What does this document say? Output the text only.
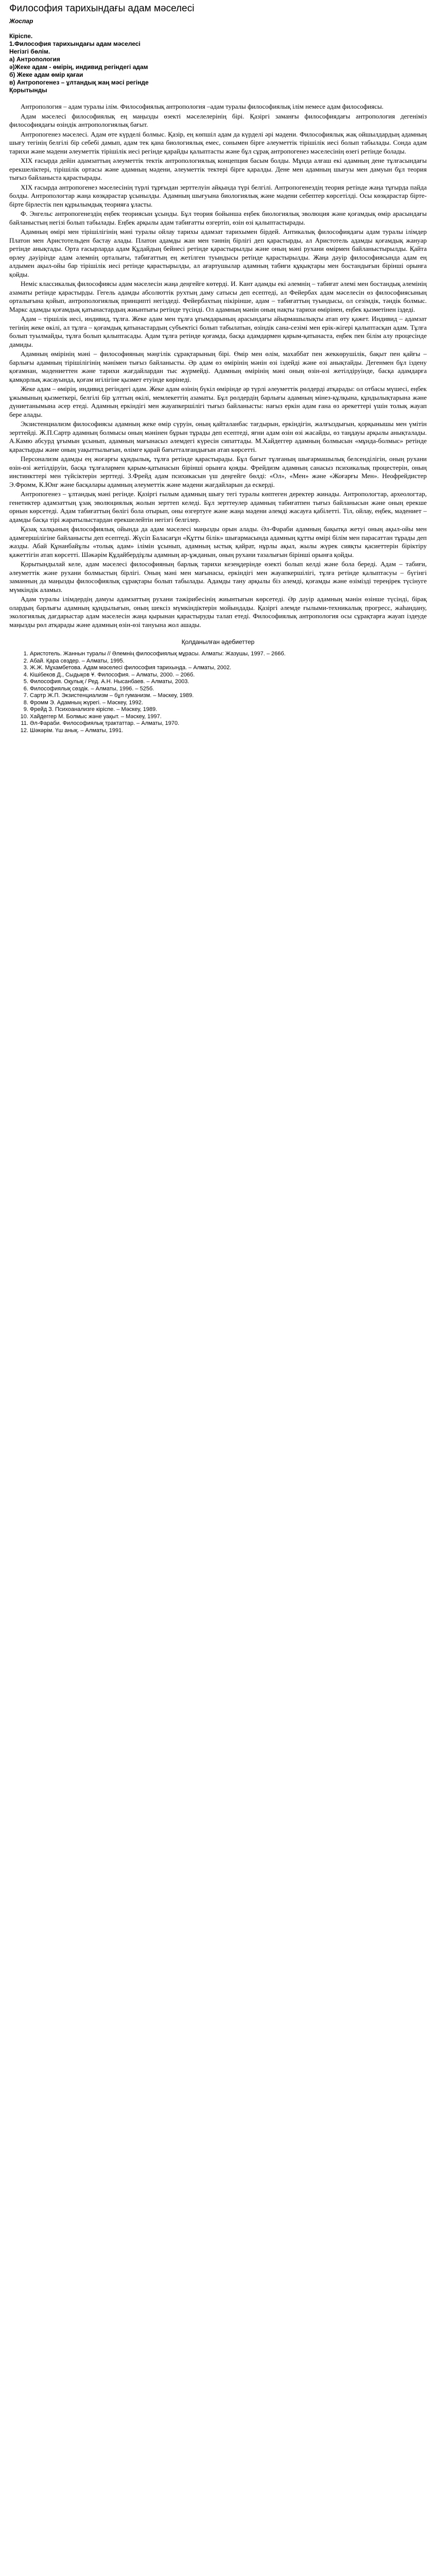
Философия тарихындағы адам мәселесі

Жоспар

Кіріспе.

1.Философия тарихындағы адам мәселесі

Негізгі бөлім.

а) Антропология

ә)Жеке адам - өмірің, индивид регіндегі адам

б) Жеке адам өмір қағаи

в) Антропогенез – ұлтандық жаң мәсі регінде

Қорытынды

Антропология – адам туралы ілім. Философиялық антропология –адам туралы философиялық ілім немесе адам философиясы.

Адам мәселесі философиялық ең маңызды өзекті мәселелерінің бірі. Қазіргі заманғы философиядағы антропология дегеніміз философиядағы өзіндік антропологиялық бағыт.

Антропогенез мәселесі. Адам өте күрделі болмыс. Қазір, ең көпшіл адам да күрделі әрі мәдени. Философиялық жақ ойшылдардың адамның шығу тегінің белгілі бір себебі дамып, адам тек қана биологиялық емес, сонымен бірге әлеуметтік тірішілік иесі болып табылады. Сонда адам тарихи және мәдени әлеуметтік тірішілік иесі регінде қарайды қалыптасты және бұл сұрақ антропогенез мәселесінің өзегі ретінде болады.

XIX ғасырда дейін адамзаттың әлеуметтік тектік антропологиялық концепция басым болды. Мұнда алғаш екі адамның дене тұлғасындағы ерекшеліктері, тірішілік ортасы және адамның мәдени, әлеуметтік тектері бірге қаралды. Дене мен адамның шығуы мен дамуын бұл теория тығыз байланыста қарастырады.

XIX ғасырда антропогенез мәселесінің түрлі тұрғыдан зерттелуін айқында түрі белгілі. Антропогенездің теория ретінде жаңа тұғырда пайда болды. Антропологтар жаңа көзқарастар ұсынылды. Адамның шығуына биологиялық және мәдени себептер көрсетілді. Осы көзқарастар бірте-бірте бірлестік пен құрылымдық теорияға ұласты.

Ф. Энгельс антропогенездің еңбек теориясын ұсынды. Бұл теория бойынша еңбек биологиялық эволюция және қоғамдық өмір арасындағы байланыстың негізі болып табылады. Еңбек арқылы адам табиғатты өзгертіп, өзін өзі қалыптастырады.

Адамның өмірі мен тірішілігінің мәні туралы ойлау тарихы адамзат тарихымен бірдей. Антикалық философиядағы адам туралы ілімдер Платон мен Аристотельден бастау алады. Платон адамды жан мен тәннің бірлігі деп қарастырды, ал Аристотель адамды қоғамдық жануар ретінде анықтады. Орта ғасырларда адам Құдайдың бейнесі ретінде қарастырылды және оның мәні рухани өмірмен байланыстырылды. Қайта өрлеу дәуірінде адам әлемнің орталығы, табиғаттың ең жетілген туындысы ретінде қарастырылды. Жаңа дәуір философиясында адам ең алдымен ақыл-ойы бар тірішілік иесі ретінде қарастырылды, ал ағартушылар адамның табиғи құқықтары мен бостандығын бірінші орынға қойды.

Неміс классикалық философиясы адам мәселесін жаңа деңгейге көтерді. И. Кант адамды екі әлемнің – табиғат әлемі мен бостандық әлемінің азаматы ретінде қарастырды. Гегель адамды абсолюттік рухтың даму сатысы деп есептеді, ал Фейербах адам мәселесін өз философиясының орталығына қойып, антропологиялық принципті негіздеді. Фейербахтың пікірінше, адам – табиғаттың туындысы, ол сезімдік, тәндік болмыс. Маркс адамды қоғамдық қатынастардың жиынтығы ретінде түсінді. Ол адамның мәнін оның нақты тарихи өмірінен, еңбек қызметінен іздеді.

Адам – тіршілік иесі, индивид, тұлға. Жеке адам мен тұлға ұғымдарының арасындағы айырмашылықты атап өту қажет. Индивид – адамзат тегінің жеке өкілі, ал тұлға – қоғамдық қатынастардың субъектісі болып табылатын, өзіндік сана-сезімі мен ерік-жігері қалыптасқан адам. Тұлға болып туылмайды, тұлға болып қалыптасады. Адам тұлға ретінде қоғамда, басқа адамдармен қарым-қатынаста, еңбек пен білім алу процесінде дамиды.

Адамның өмірінің мәні – философияның мәңгілік сұрақтарының бірі. Өмір мен өлім, махаббат пен жеккөрушілік, бақыт пен қайғы – барлығы адамның тірішілігінің мәнімен тығыз байланысты. Әр адам өз өмірінің мәнін өзі іздейді және өзі анықтайды. Дегенмен бұл іздену қоғамнан, мәдениеттен және тарихи жағдайлардан тыс жүрмейді. Адамның өмірінің мәні оның өзін-өзі жетілдіруінде, басқа адамдарға қамқорлық жасауында, қоғам игілігіне қызмет етуінде көрінеді.

Жеке адам – өмірің, индивид регіндегі адам. Жеке адам өзінің бүкіл өмірінде әр түрлі әлеуметтік рөлдерді атқарады: ол отбасы мүшесі, еңбек ұжымының қызметкері, белгілі бір ұлттың өкілі, мемлекеттің азаматы. Бұл рөлдердің барлығы адамның мінез-құлқына, құндылықтарына және дүниетанымына әсер етеді. Адамның еркіндігі мен жауапкершілігі тығыз байланысты: нағыз еркін адам ғана өз әрекеттері үшін толық жауап бере алады.

Экзистенциализм философиясы адамның жеке өмір сүруін, оның қайталанбас тағдырын, еркіндігін, жалғыздығын, қорқынышы мен үмітін зерттейді. Ж.П.Сартр адамның болмысы оның мәнінен бұрын тұрады деп есептеді, яғни адам өзін өзі жасайды, өз таңдауы арқылы анықталады. А.Камю абсурд ұғымын ұсынып, адамның мағынасыз әлемдегі күресін сипаттады. М.Хайдеггер адамның болмысын «мұнда-болмыс» ретінде қарастырды және оның уақыттылығын, өлімге қарай бағытталғандығын атап көрсетті.

Персонализм адамды ең жоғарғы құндылық, тұлға ретінде қарастырады. Бұл бағыт тұлғаның шығармашылық белсенділігін, оның рухани өзін-өзі жетілдіруін, басқа тұлғалармен қарым-қатынасын бірінші орынға қояды. Фрейдизм адамның санасыз психикалық процестерін, оның инстинкттері мен түйсіктерін зерттеді. З.Фрейд адам психикасын үш деңгейге бөлді: «Ол», «Мен» және «Жоғарғы Мен». Неофрейдистер Э.Фромм, К.Юнг және басқалары адамның әлеуметтік және мәдени жағдайларын да ескерді.

Антропогенез – ұлтандық мәні регінде. Қазіргі ғылым адамның шығу тегі туралы көптеген деректер жинады. Антропологтар, археологтар, генетиктер адамзаттың ұзақ эволюциялық жолын зерттеп келеді. Бұл зерттеулер адамның табиғатпен тығыз байланысын және оның ерекше орнын көрсетеді. Адам табиғаттың бөлігі бола отырып, оны өзгертуге және жаңа мәдени әлемді жасауға қабілетті. Тіл, ойлау, еңбек, мәдениет – адамды басқа тірі жаратылыстардан ерекшелейтін негізгі белгілер.

Қазақ халқының философиялық ойында да адам мәселесі маңызды орын алады. Әл-Фараби адамның бақытқа жетуі оның ақыл-ойы мен адамгершілігіне байланысты деп есептеді. Жүсіп Баласағұн «Құтты білік» шығармасында адамның құтты өмірі білім мен парасаттан тұрады деп жазды. Абай Құнанбайұлы «толық адам» ілімін ұсынып, адамның ыстық қайрат, нұрлы ақыл, жылы жүрек сияқты қасиеттерін біріктіру қажеттігін атап көрсетті. Шәкәрім Құдайбердіұлы адамның ар-ұжданын, оның рухани тазалығын бірінші орынға қойды.

Қорытындылай келе, адам мәселесі философияның барлық тарихи кезеңдерінде өзекті болып келді және бола береді. Адам – табиғи, әлеуметтік және рухани болмыстың бірлігі. Оның мәні мен мағынасы, еркіндігі мен жауапкершілігі, тұлға ретінде қалыптасуы – бүгінгі заманның да маңызды философиялық сұрақтары болып табылады. Адамды тану арқылы біз әлемді, қоғамды және өзімізді тереңірек түсінуге мүмкіндік аламыз.

Адам туралы ілімдердің дамуы адамзаттың рухани тәжірибесінің жиынтығын көрсетеді. Әр дәуір адамның мәнін өзінше түсінді, бірақ олардың барлығы адамның құндылығын, оның шексіз мүмкіндіктерін мойындады. Қазіргі әлемде ғылыми-техникалық прогресс, жаһандану, экологиялық дағдарыстар адам мәселесін жаңа қырынан қарастыруды талап етеді. Философиялық антропология осы сұрақтарға жауап іздеуде маңызды рөл атқарады және адамның өзін-өзі тануына жол ашады.

Қолданылған әдебиеттер
1. Аристотель. Жаннын туралы // Әлемнің философиялық мұрасы. Алматы: Жазушы, 1997. – 266б.
2. Абай. Қара сөздер. – Алматы, 1995.
3. Ж.Ж. Мұхамбетова. Адам мәселесі философия тарихында. – Алматы, 2002.
4. Кішібеков Д., Сыдықов Ұ. Философия. – Алматы, 2000. – 206б.
5. Философия. Оқулық / Ред. А.Н. Нысанбаев. – Алматы, 2003.
6. Философиялық сөздік. – Алматы, 1996. – 525б.
7. Сартр Ж.П. Экзистенциализм – бұл гуманизм. – Мәскеу, 1989.
8. Фромм Э. Адамның жүрегі. – Мәскеу, 1992.
9. Фрейд З. Психоанализге кіріспе. – Мәскеу, 1989.
10. Хайдеггер М. Болмыс және уақыт. – Мәскеу, 1997.
11. Әл-Фараби. Философиялық трактаттар. – Алматы, 1970.
12. Шәкәрім. Үш анық. – Алматы, 1991.
